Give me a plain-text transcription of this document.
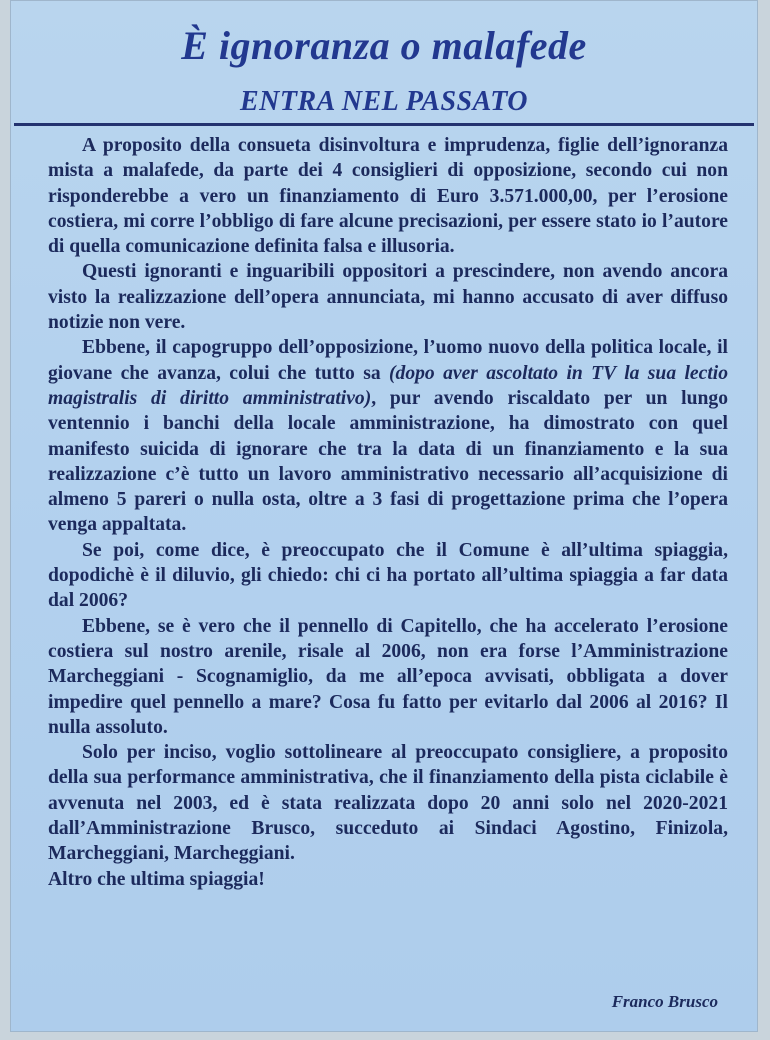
È ignoranza o malafede
ENTRA NEL PASSATO

A proposito della consueta disinvoltura e imprudenza, figlie dell’ignoranza mista a malafede, da parte dei 4 consiglieri di opposizione, secondo cui non risponderebbe a vero un finanziamento di Euro 3.571.000,00, per l’erosione costiera, mi corre l’obbligo di fare alcune precisazioni, per essere stato io l’autore di quella comunicazione definita falsa e illusoria.

Questi ignoranti e inguaribili oppositori a prescindere, non avendo ancora visto la realizzazione dell’opera annunciata, mi hanno accusato di aver diffuso notizie non vere.

Ebbene, il capogruppo dell’opposizione, l’uomo nuovo della politica locale, il giovane che avanza, colui che tutto sa (dopo aver ascoltato in TV la sua lectio magistralis di diritto amministrativo), pur avendo riscaldato per un lungo ventennio i banchi della locale amministrazione, ha dimostrato con quel manifesto suicida di ignorare che tra la data di un finanziamento e la sua realizzazione c’è tutto un lavoro amministrativo necessario all’acquisizione di almeno 5 pareri o nulla osta, oltre a 3 fasi di progettazione prima che l’opera venga appaltata.

Se poi, come dice, è preoccupato che il Comune è all’ultima spiaggia, dopodichè è il diluvio, gli chiedo: chi ci ha portato all’ultima spiaggia a far data dal 2006?

Ebbene, se è vero che il pennello di Capitello, che ha accelerato l’erosione costiera sul nostro arenile, risale al 2006, non era forse l’Amministrazione Marcheggiani - Scognamiglio, da me all’epoca avvisati, obbligata a dover impedire quel pennello a mare? Cosa fu fatto per evitarlo dal 2006 al 2016? Il nulla assoluto.

Solo per inciso, voglio sottolineare al preoccupato consigliere, a proposito della sua performance amministrativa, che il finanziamento della pista ciclabile è avvenuta nel 2003, ed è stata realizzata dopo 20 anni solo nel 2020-2021 dall’Amministrazione Brusco, succeduto ai Sindaci Agostino, Finizola, Marcheggiani, Marcheggiani.

Altro che ultima spiaggia!

Franco Brusco
